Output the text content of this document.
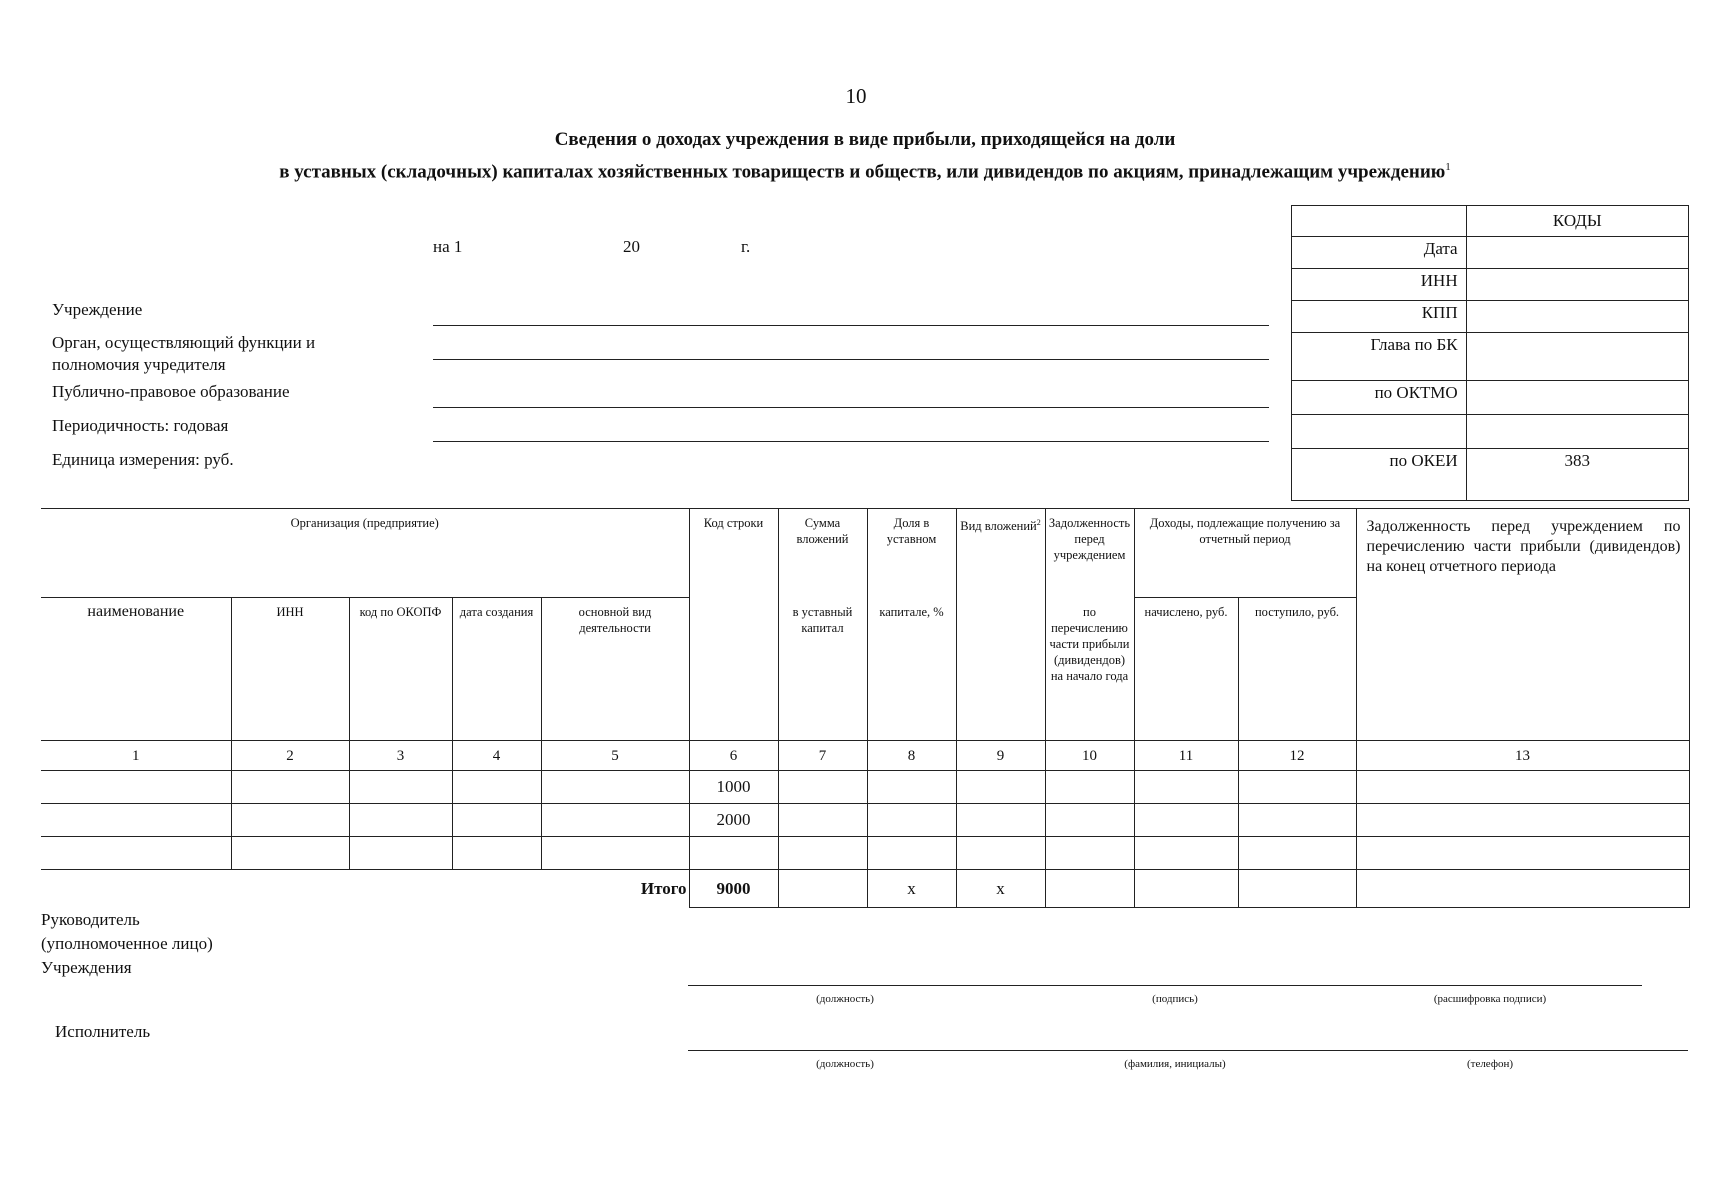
10
Сведения о доходах учреждения в виде прибыли, приходящейся на доли
в уставных (складочных) капиталах хозяйственных товариществ и обществ, или дивидендов по акциям, принадлежащим учреждению$^1$
на 1	20	г.
Учреждение
Орган, осуществляющий функции и полномочия учредителя
Публично-правовое образование
Периодичность: годовая
Единица измерения: руб.
	КОДЫ
Дата	
ИНН	
КПП	
Глава по БК	
по ОКТМО	

по ОКЕИ	383
Организация (предприятие)					Код строки	Сумма вложений	Доля в уставном	Вид вложений$^2$	Задолженность перед учреждением	Доходы, подлежащие получению за отчетный период		Задолженность перед учреждением по перечислению части прибыли (дивидендов) на конец отчетного периода
наименование	ИНН	код по ОКОПФ	дата создания	основной вид деятельности		в уставный капитал	капитале, %		по перечислению части прибыли (дивидендов) на начало года	начислено, руб.	поступило, руб.	
1	2	3	4	5	6	7	8	9	10	11	12	13
					1000							
					2000							

Итого					9000		x	x				
Руководитель
(уполномоченное лицо)
Учреждения
(должность)	(подпись)	(расшифровка подписи)
Исполнитель
(должность)	(фамилия, инициалы)	(телефон)
